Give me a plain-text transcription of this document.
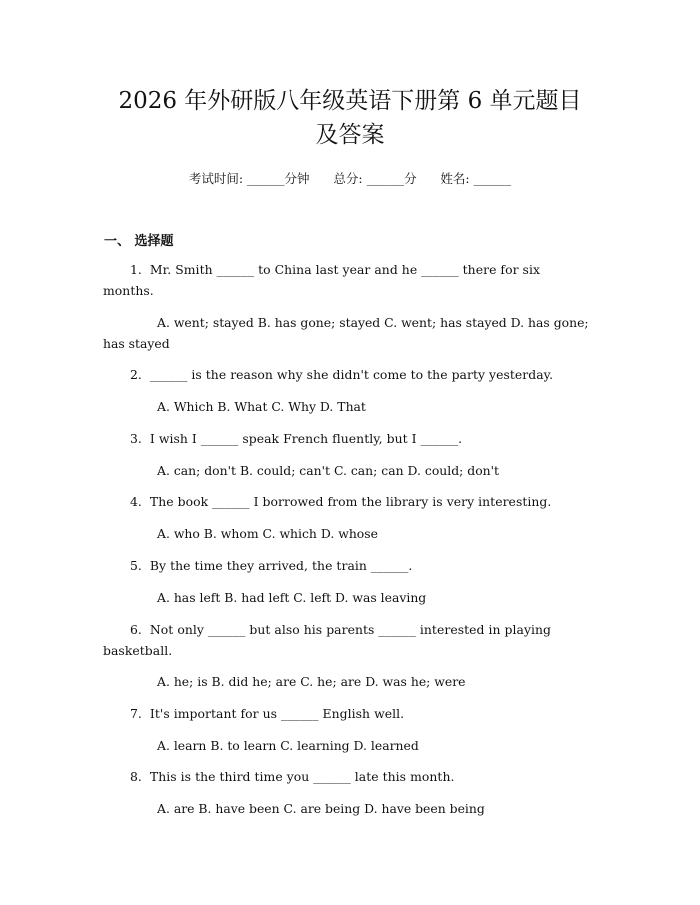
2026 年外研版八年级英语下册第 6 单元题目
及答案
考试时间: ______分钟      总分: ______分      姓名: ______
一、 选择题
1.  Mr. Smith ______ to China last year and he ______ there for six months.
A. went; stayed B. has gone; stayed C. went; has stayed D. has gone; has stayed
2.  ______ is the reason why she didn't come to the party yesterday.
A. Which B. What C. Why D. That
3.  I wish I ______ speak French fluently, but I ______.
A. can; don't B. could; can't C. can; can D. could; don't
4.  The book ______ I borrowed from the library is very interesting.
A. who B. whom C. which D. whose
5.  By the time they arrived, the train ______.
A. has left B. had left C. left D. was leaving
6.  Not only ______ but also his parents ______ interested in playing basketball.
A. he; is B. did he; are C. he; are D. was he; were
7.  It's important for us ______ English well.
A. learn B. to learn C. learning D. learned
8.  This is the third time you ______ late this month.
A. are B. have been C. are being D. have been being
